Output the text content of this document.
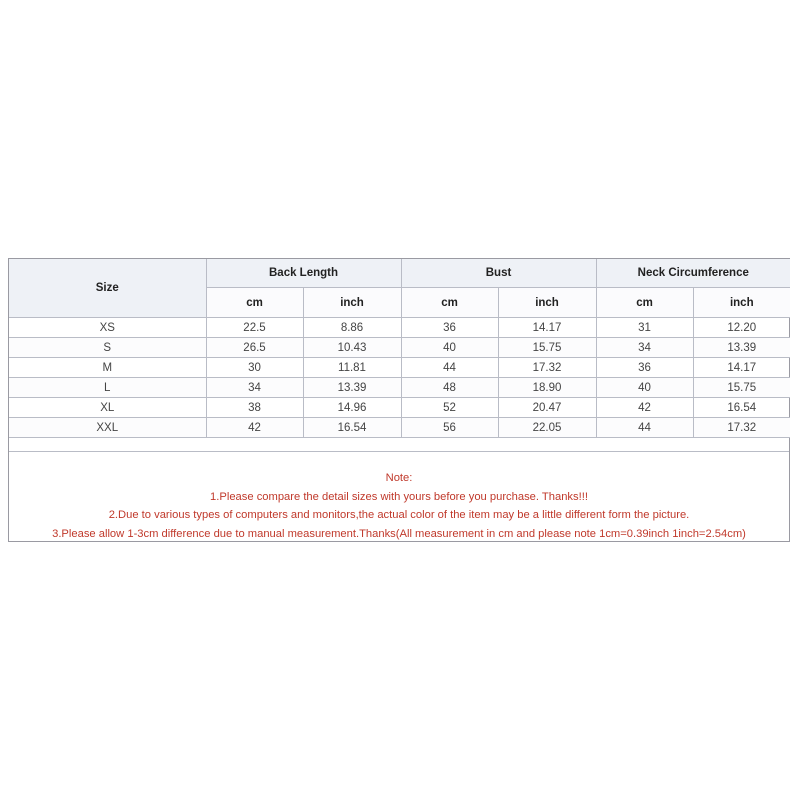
Size	Back Length		Bust		Neck Circumference	
	cm	inch	cm	inch	cm	inch
XS	22.5	8.86	36	14.17	31	12.20
S	26.5	10.43	40	15.75	34	13.39
M	30	11.81	44	17.32	36	14.17
L	34	13.39	48	18.90	40	15.75
XL	38	14.96	52	20.47	42	16.54
XXL	42	16.54	56	22.05	44	17.32
Note:
1.Please compare the detail sizes with yours before you purchase. Thanks!!!
2.Due to various types of computers and monitors,the actual color of the item may be a little different form the picture.
3.Please allow 1-3cm difference due to manual measurement.Thanks(All measurement in cm and please note 1cm=0.39inch 1inch=2.54cm)
